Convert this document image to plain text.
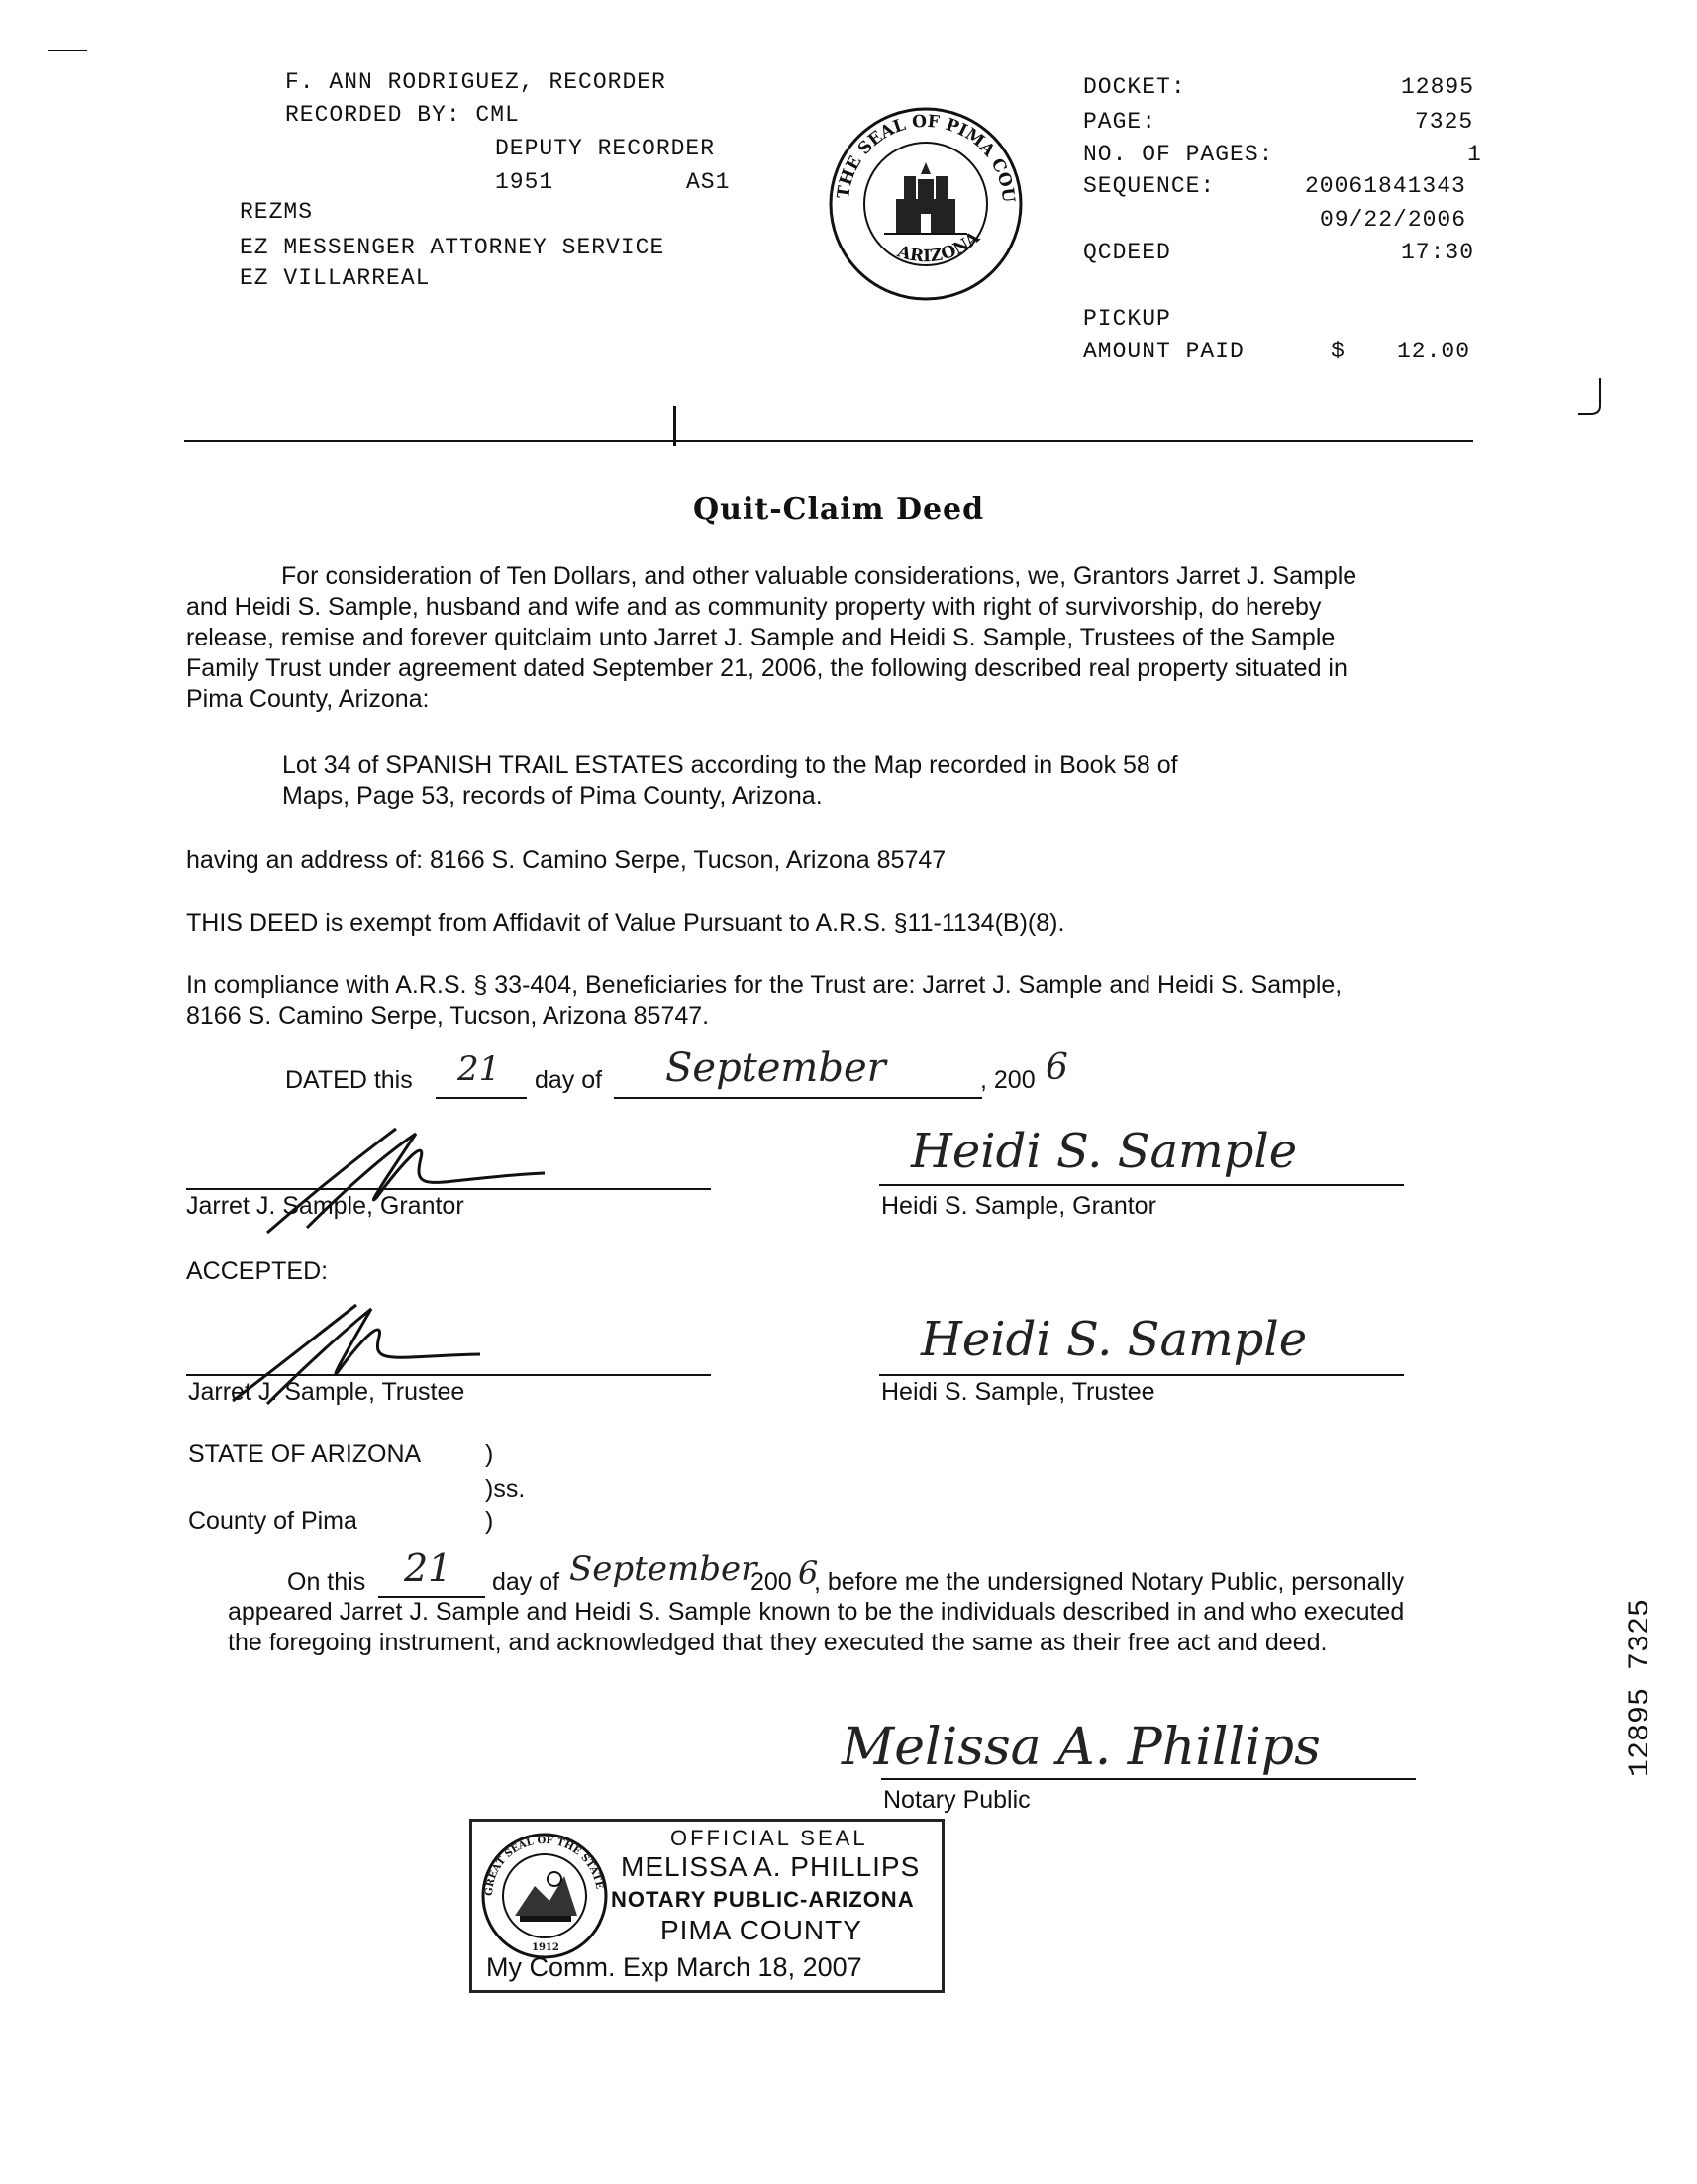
F. ANN RODRIGUEZ, RECORDER
RECORDED BY: CML
DEPUTY RECORDER
1951	AS1
REZMS
EZ MESSENGER ATTORNEY SERVICE
EZ VILLARREAL
THE SEAL OF PIMA COU
ARIZONA
DOCKET:	12895
PAGE:	7325
NO. OF PAGES:	1
SEQUENCE:	20061841343
09/22/2006
QCDEED	17:30
PICKUP
AMOUNT PAID	$ 12.00
Quit-Claim Deed
For consideration of Ten Dollars, and other valuable considerations, we, Grantors Jarret J. Sample
and Heidi S. Sample, husband and wife and as community property with right of survivorship, do hereby
release, remise and forever quitclaim unto Jarret J. Sample and Heidi S. Sample, Trustees of the Sample
Family Trust under agreement dated September 21, 2006, the following described real property situated in
Pima County, Arizona:
Lot 34 of SPANISH TRAIL ESTATES according to the Map recorded in Book 58 of
Maps, Page 53, records of Pima County, Arizona.
having an address of: 8166 S. Camino Serpe, Tucson, Arizona 85747
THIS DEED is exempt from Affidavit of Value Pursuant to A.R.S. §11-1134(B)(8).
In compliance with A.R.S. § 33-404, Beneficiaries for the Trust are: Jarret J. Sample and Heidi S. Sample,
8166 S. Camino Serpe, Tucson, Arizona 85747.
DATED this 21 day of September	, 200 6
Jarret J. Sample, Grantor
Heidi S. Sample
Heidi S. Sample, Grantor
ACCEPTED:
Jarret J. Sample, Trustee
Heidi S. Sample
Heidi S. Sample, Trustee
STATE OF ARIZONA	)
)ss.
County of Pima	)
On this 21 day of September
200 6
, before me the undersigned Notary Public, personally
appeared Jarret J. Sample and Heidi S. Sample known to be the individuals described in and who executed
the foregoing instrument, and acknowledged that they executed the same as their free act and deed.
Melissa A. Phillips
Notary Public
GREAT SEAL OF THE STATE
1912
OFFICIAL SEAL
MELISSA A. PHILLIPS
NOTARY PUBLIC-ARIZONA
PIMA COUNTY
My Comm. Exp March 18, 2007
12895 7325
